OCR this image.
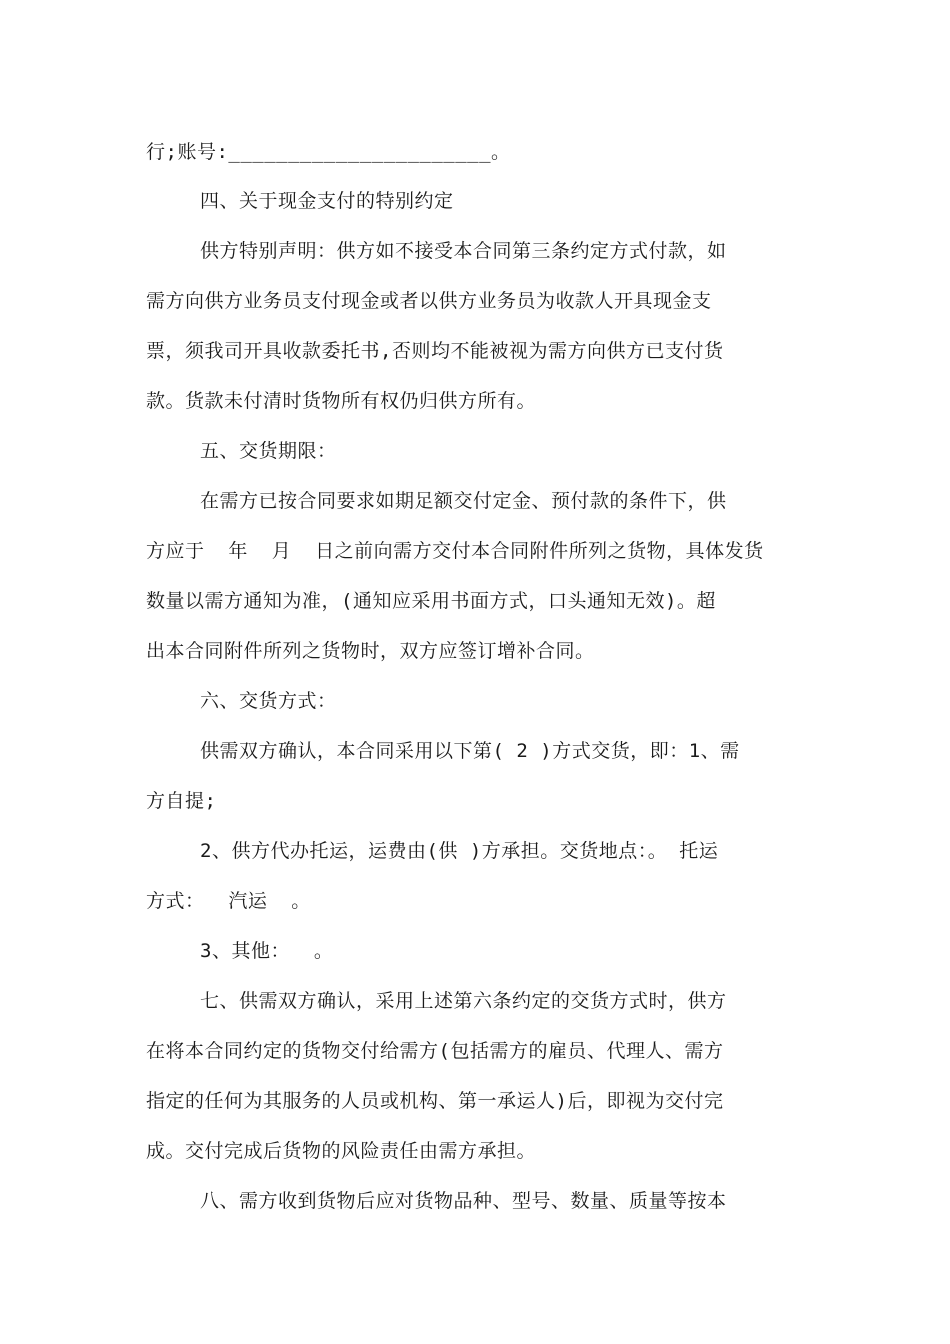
行;账号:______________________。
四、关于现金支付的特别约定
供方特别声明：供方如不接受本合同第三条约定方式付款，如
需方向供方业务员支付现金或者以供方业务员为收款人开具现金支
票，须我司开具收款委托书,否则均不能被视为需方向供方已支付货
款。货款未付清时货物所有权仍归供方所有。
五、交货期限：
在需方已按合同要求如期足额交付定金、预付款的条件下，供
方应于  年  月  日之前向需方交付本合同附件所列之货物，具体发货
数量以需方通知为准，(通知应采用书面方式，口头通知无效)。超
出本合同附件所列之货物时，双方应签订增补合同。
六、交货方式：
供需双方确认，本合同采用以下第( 2 )方式交货，即：1、需
方自提;
2、供方代办托运，运费由(供 )方承担。交货地点：。 托运
方式：  汽运  。
3、其他：  。
七、供需双方确认，采用上述第六条约定的交货方式时，供方
在将本合同约定的货物交付给需方(包括需方的雇员、代理人、需方
指定的任何为其服务的人员或机构、第一承运人)后，即视为交付完
成。交付完成后货物的风险责任由需方承担。
八、需方收到货物后应对货物品种、型号、数量、质量等按本
